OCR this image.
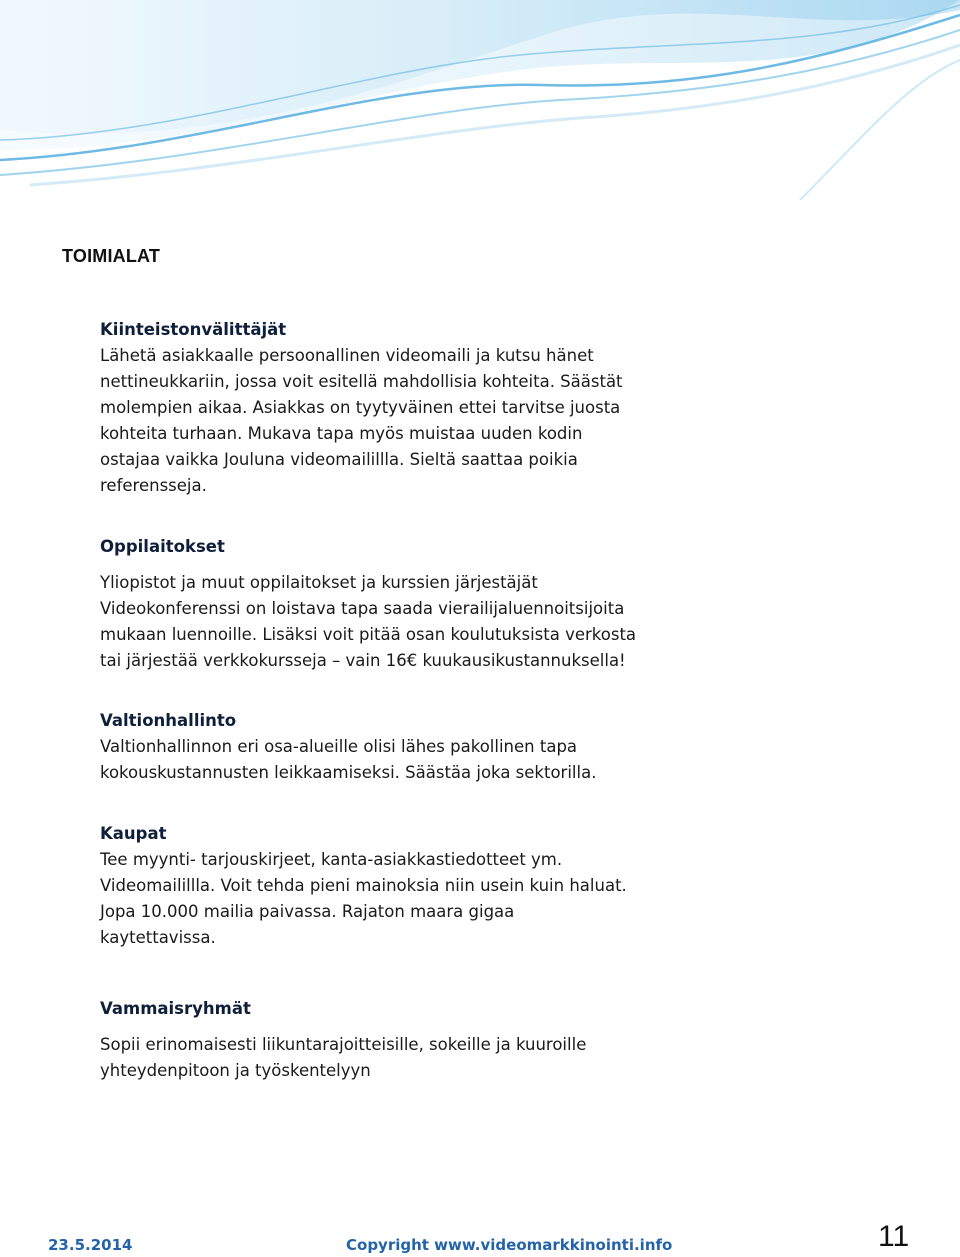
TOIMIALAT
Kiinteistonvälittäjät

Lähetä asiakkaalle persoonallinen videomaili ja kutsu hänet

nettineukkariin, jossa voit esitellä mahdollisia kohteita. Säästät

molempien aikaa. Asiakkas on tyytyväinen ettei tarvitse juosta

kohteita turhaan. Mukava tapa myös muistaa uuden kodin

ostajaa vaikka Jouluna videomailillla. Sieltä saattaa poikia

referensseja.

Oppilaitokset

Yliopistot ja muut oppilaitokset ja kurssien järjestäjät

Videokonferenssi on loistava tapa saada vierailijaluennoitsijoita

mukaan luennoille. Lisäksi voit pitää osan koulutuksista verkosta

tai järjestää verkkokursseja – vain 16€ kuukausikustannuksella!

Valtionhallinto

Valtionhallinnon eri osa-alueille olisi lähes pakollinen tapa

kokouskustannusten leikkaamiseksi. Säästäa joka sektorilla.

Kaupat

Tee myynti- tarjouskirjeet, kanta-asiakkastiedotteet ym.

Videomailillla. Voit tehda pieni mainoksia niin usein kuin haluat.

Jopa 10.000 mailia paivassa. Rajaton maara gigaa

kaytettavissa.

Vammaisryhmät

Sopii erinomaisesti liikuntarajoitteisille, sokeille ja kuuroille

yhteydenpitoon ja työskentelyyn

23.5.2014	Copyright www.videomarkkinointi.info	11
